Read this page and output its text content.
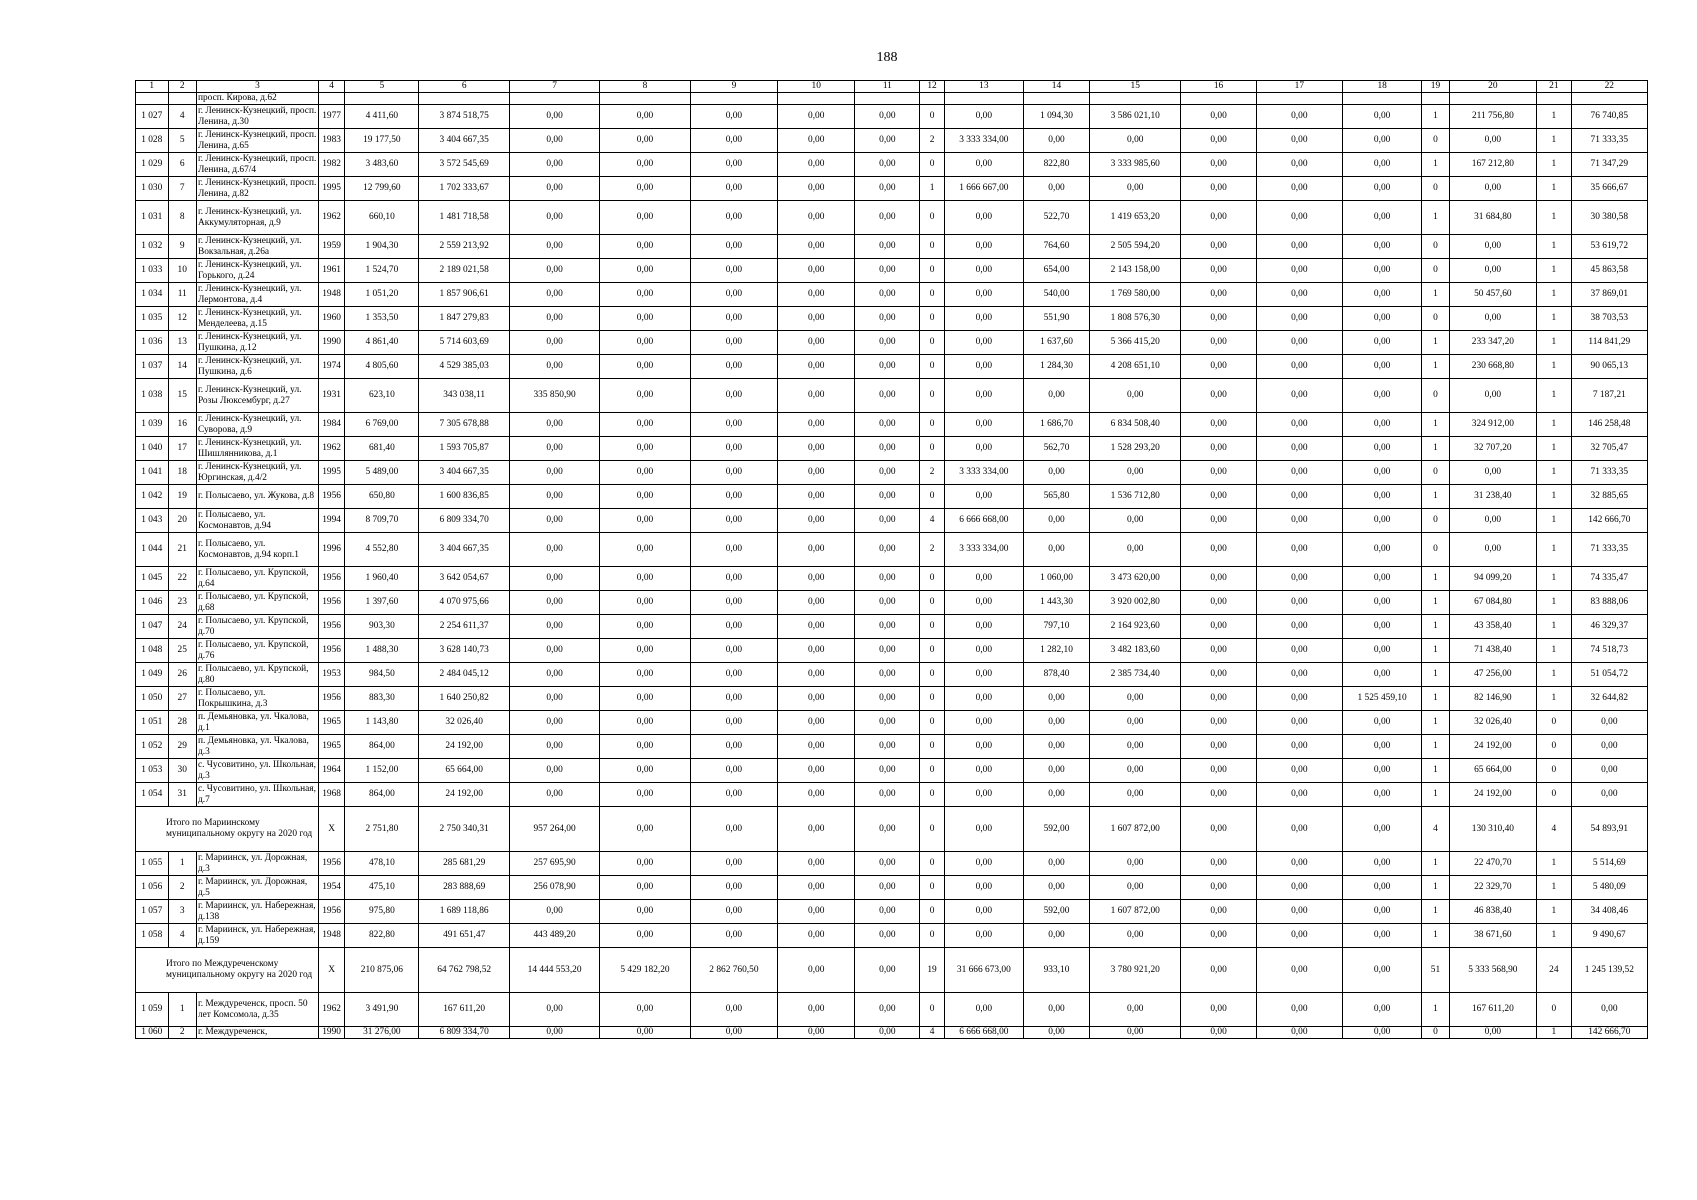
188
1	2	3	4	5	6	7	8	9	10	11	12	13	14	15	16	17	18	19	20	21	22
		просп. Кирова, д.62																			
1 027	4	г. Ленинск-Кузнецкий, просп. Ленина, д.30	1977	4 411,60	3 874 518,75	0,00	0,00	0,00	0,00	0,00	0	0,00	1 094,30	3 586 021,10	0,00	0,00	0,00	1	211 756,80	1	76 740,85
1 028	5	г. Ленинск-Кузнецкий, просп. Ленина, д.65	1983	19 177,50	3 404 667,35	0,00	0,00	0,00	0,00	0,00	2	3 333 334,00	0,00	0,00	0,00	0,00	0,00	0	0,00	1	71 333,35
1 029	6	г. Ленинск-Кузнецкий, просп. Ленина, д.67/4	1982	3 483,60	3 572 545,69	0,00	0,00	0,00	0,00	0,00	0	0,00	822,80	3 333 985,60	0,00	0,00	0,00	1	167 212,80	1	71 347,29
1 030	7	г. Ленинск-Кузнецкий, просп. Ленина, д.82	1995	12 799,60	1 702 333,67	0,00	0,00	0,00	0,00	0,00	1	1 666 667,00	0,00	0,00	0,00	0,00	0,00	0	0,00	1	35 666,67
1 031	8	г. Ленинск-Кузнецкий, ул. Аккумуляторная, д.9	1962	660,10	1 481 718,58	0,00	0,00	0,00	0,00	0,00	0	0,00	522,70	1 419 653,20	0,00	0,00	0,00	1	31 684,80	1	30 380,58
1 032	9	г. Ленинск-Кузнецкий, ул. Вокзальная, д.26а	1959	1 904,30	2 559 213,92	0,00	0,00	0,00	0,00	0,00	0	0,00	764,60	2 505 594,20	0,00	0,00	0,00	0	0,00	1	53 619,72
1 033	10	г. Ленинск-Кузнецкий, ул. Горького, д.24	1961	1 524,70	2 189 021,58	0,00	0,00	0,00	0,00	0,00	0	0,00	654,00	2 143 158,00	0,00	0,00	0,00	0	0,00	1	45 863,58
1 034	11	г. Ленинск-Кузнецкий, ул. Лермонтова, д.4	1948	1 051,20	1 857 906,61	0,00	0,00	0,00	0,00	0,00	0	0,00	540,00	1 769 580,00	0,00	0,00	0,00	1	50 457,60	1	37 869,01
1 035	12	г. Ленинск-Кузнецкий, ул. Менделеева, д.15	1960	1 353,50	1 847 279,83	0,00	0,00	0,00	0,00	0,00	0	0,00	551,90	1 808 576,30	0,00	0,00	0,00	0	0,00	1	38 703,53
1 036	13	г. Ленинск-Кузнецкий, ул. Пушкина, д.12	1990	4 861,40	5 714 603,69	0,00	0,00	0,00	0,00	0,00	0	0,00	1 637,60	5 366 415,20	0,00	0,00	0,00	1	233 347,20	1	114 841,29
1 037	14	г. Ленинск-Кузнецкий, ул. Пушкина, д.6	1974	4 805,60	4 529 385,03	0,00	0,00	0,00	0,00	0,00	0	0,00	1 284,30	4 208 651,10	0,00	0,00	0,00	1	230 668,80	1	90 065,13
1 038	15	г. Ленинск-Кузнецкий, ул. Розы Люксембург, д.27	1931	623,10	343 038,11	335 850,90	0,00	0,00	0,00	0,00	0	0,00	0,00	0,00	0,00	0,00	0,00	0	0,00	1	7 187,21
1 039	16	г. Ленинск-Кузнецкий, ул. Суворова, д.9	1984	6 769,00	7 305 678,88	0,00	0,00	0,00	0,00	0,00	0	0,00	1 686,70	6 834 508,40	0,00	0,00	0,00	1	324 912,00	1	146 258,48
1 040	17	г. Ленинск-Кузнецкий, ул. Шишлянникова, д.1	1962	681,40	1 593 705,87	0,00	0,00	0,00	0,00	0,00	0	0,00	562,70	1 528 293,20	0,00	0,00	0,00	1	32 707,20	1	32 705,47
1 041	18	г. Ленинск-Кузнецкий, ул. Юргинская, д.4/2	1995	5 489,00	3 404 667,35	0,00	0,00	0,00	0,00	0,00	2	3 333 334,00	0,00	0,00	0,00	0,00	0,00	0	0,00	1	71 333,35
1 042	19	г. Полысаево, ул. Жукова, д.8	1956	650,80	1 600 836,85	0,00	0,00	0,00	0,00	0,00	0	0,00	565,80	1 536 712,80	0,00	0,00	0,00	1	31 238,40	1	32 885,65
1 043	20	г. Полысаево, ул. Космонавтов, д.94	1994	8 709,70	6 809 334,70	0,00	0,00	0,00	0,00	0,00	4	6 666 668,00	0,00	0,00	0,00	0,00	0,00	0	0,00	1	142 666,70
1 044	21	г. Полысаево, ул. Космонавтов, д.94 корп.1	1996	4 552,80	3 404 667,35	0,00	0,00	0,00	0,00	0,00	2	3 333 334,00	0,00	0,00	0,00	0,00	0,00	0	0,00	1	71 333,35
1 045	22	г. Полысаево, ул. Крупской, д.64	1956	1 960,40	3 642 054,67	0,00	0,00	0,00	0,00	0,00	0	0,00	1 060,00	3 473 620,00	0,00	0,00	0,00	1	94 099,20	1	74 335,47
1 046	23	г. Полысаево, ул. Крупской, д.68	1956	1 397,60	4 070 975,66	0,00	0,00	0,00	0,00	0,00	0	0,00	1 443,30	3 920 002,80	0,00	0,00	0,00	1	67 084,80	1	83 888,06
1 047	24	г. Полысаево, ул. Крупской, д.70	1956	903,30	2 254 611,37	0,00	0,00	0,00	0,00	0,00	0	0,00	797,10	2 164 923,60	0,00	0,00	0,00	1	43 358,40	1	46 329,37
1 048	25	г. Полысаево, ул. Крупской, д.76	1956	1 488,30	3 628 140,73	0,00	0,00	0,00	0,00	0,00	0	0,00	1 282,10	3 482 183,60	0,00	0,00	0,00	1	71 438,40	1	74 518,73
1 049	26	г. Полысаево, ул. Крупской, д.80	1953	984,50	2 484 045,12	0,00	0,00	0,00	0,00	0,00	0	0,00	878,40	2 385 734,40	0,00	0,00	0,00	1	47 256,00	1	51 054,72
1 050	27	г. Полысаево, ул. Покрышкина, д.3	1956	883,30	1 640 250,82	0,00	0,00	0,00	0,00	0,00	0	0,00	0,00	0,00	0,00	0,00	1 525 459,10	1	82 146,90	1	32 644,82
1 051	28	п. Демьяновка, ул. Чкалова, д.1	1965	1 143,80	32 026,40	0,00	0,00	0,00	0,00	0,00	0	0,00	0,00	0,00	0,00	0,00	0,00	1	32 026,40	0	0,00
1 052	29	п. Демьяновка, ул. Чкалова, д.3	1965	864,00	24 192,00	0,00	0,00	0,00	0,00	0,00	0	0,00	0,00	0,00	0,00	0,00	0,00	1	24 192,00	0	0,00
1 053	30	с. Чусовитино, ул. Школьная, д.3	1964	1 152,00	65 664,00	0,00	0,00	0,00	0,00	0,00	0	0,00	0,00	0,00	0,00	0,00	0,00	1	65 664,00	0	0,00
1 054	31	с. Чусовитино, ул. Школьная, д.7	1968	864,00	24 192,00	0,00	0,00	0,00	0,00	0,00	0	0,00	0,00	0,00	0,00	0,00	0,00	1	24 192,00	0	0,00
Итого по Мариинскому муниципальному округу на 2020 год			Х	2 751,80	2 750 340,31	957 264,00	0,00	0,00	0,00	0,00	0	0,00	592,00	1 607 872,00	0,00	0,00	0,00	4	130 310,40	4	54 893,91
1 055	1	г. Мариинск, ул. Дорожная, д.3	1956	478,10	285 681,29	257 695,90	0,00	0,00	0,00	0,00	0	0,00	0,00	0,00	0,00	0,00	0,00	1	22 470,70	1	5 514,69
1 056	2	г. Мариинск, ул. Дорожная, д.5	1954	475,10	283 888,69	256 078,90	0,00	0,00	0,00	0,00	0	0,00	0,00	0,00	0,00	0,00	0,00	1	22 329,70	1	5 480,09
1 057	3	г. Мариинск, ул. Набережная, д.138	1956	975,80	1 689 118,86	0,00	0,00	0,00	0,00	0,00	0	0,00	592,00	1 607 872,00	0,00	0,00	0,00	1	46 838,40	1	34 408,46
1 058	4	г. Мариинск, ул. Набережная, д.159	1948	822,80	491 651,47	443 489,20	0,00	0,00	0,00	0,00	0	0,00	0,00	0,00	0,00	0,00	0,00	1	38 671,60	1	9 490,67
Итого по Междуреченскому муниципальному округу на 2020 год			Х	210 875,06	64 762 798,52	14 444 553,20	5 429 182,20	2 862 760,50	0,00	0,00	19	31 666 673,00	933,10	3 780 921,20	0,00	0,00	0,00	51	5 333 568,90	24	1 245 139,52
1 059	1	г. Междуреченск, просп. 50 лет Комсомола, д.35	1962	3 491,90	167 611,20	0,00	0,00	0,00	0,00	0,00	0	0,00	0,00	0,00	0,00	0,00	0,00	1	167 611,20	0	0,00
1 060	2	г. Междуреченск,	1990	31 276,00	6 809 334,70	0,00	0,00	0,00	0,00	0,00	4	6 666 668,00	0,00	0,00	0,00	0,00	0,00	0	0,00	1	142 666,70
